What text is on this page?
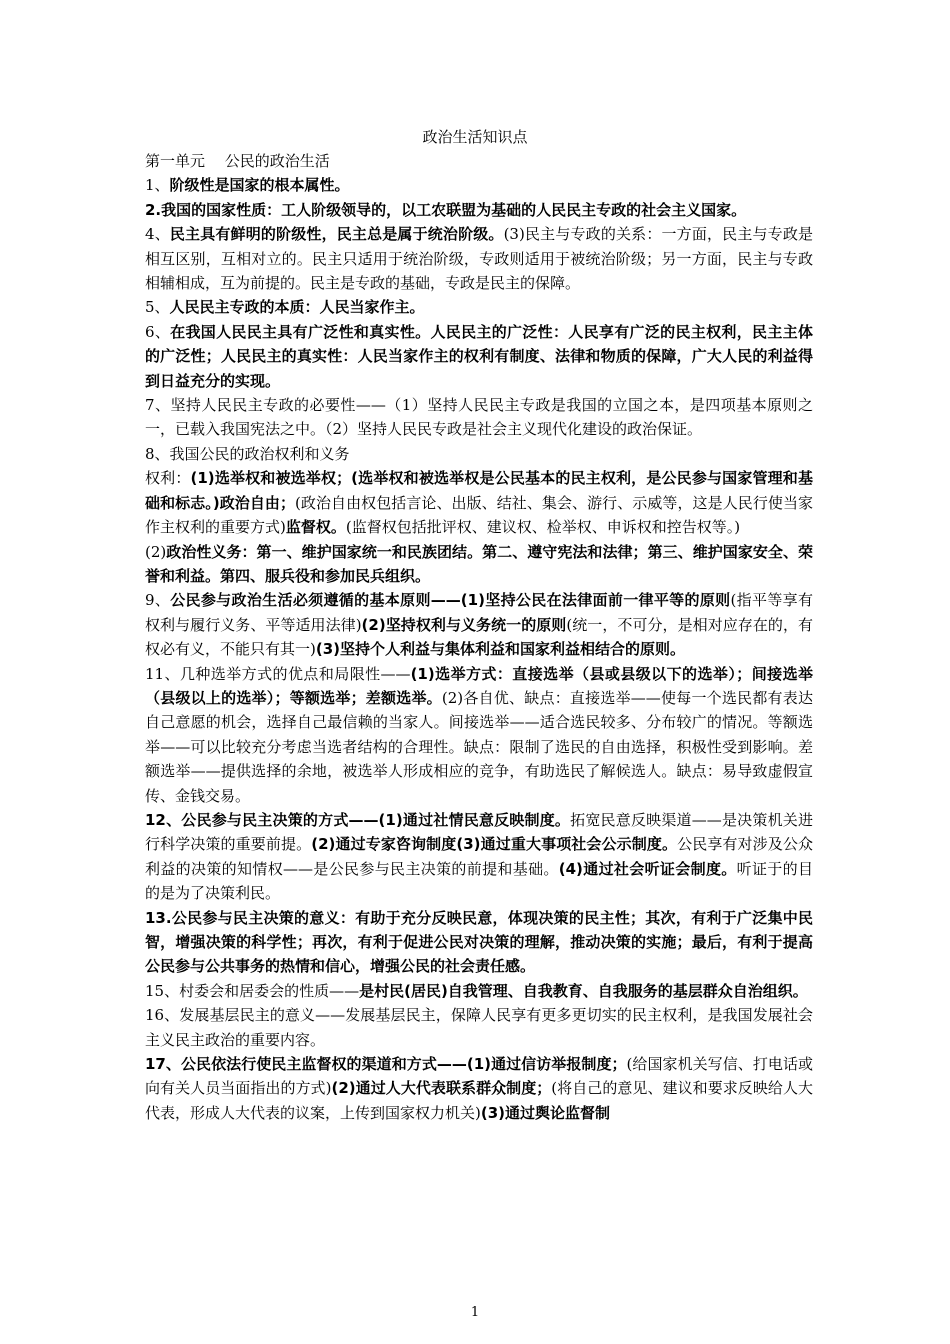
政治生活知识点

第一单元　 公民的政治生活

1、阶级性是国家的根本属性。

2.我国的国家性质：工人阶级领导的，以工农联盟为基础的人民民主专政的社会主义国家。

4、民主具有鲜明的阶级性，民主总是属于统治阶级。(3)民主与专政的关系：一方面，民主与专政是相互区别，互相对立的。民主只适用于统治阶级，专政则适用于被统治阶级；另一方面，民主与专政相辅相成，互为前提的。民主是专政的基础，专政是民主的保障。

5、人民民主专政的本质：人民当家作主。

6、在我国人民民主具有广泛性和真实性。人民民主的广泛性：人民享有广泛的民主权利，民主主体的广泛性；人民民主的真实性：人民当家作主的权利有制度、法律和物质的保障，广大人民的利益得到日益充分的实现。

7、坚持人民民主专政的必要性——（1）坚持人民民主专政是我国的立国之本，是四项基本原则之一，已载入我国宪法之中。（2）坚持人民民专政是社会主义现代化建设的政治保证。

8、我国公民的政治权利和义务

权利：(1)选举权和被选举权；(选举权和被选举权是公民基本的民主权利，是公民参与国家管理和基础和标志。)政治自由；(政治自由权包括言论、出版、结社、集会、游行、示威等，这是人民行使当家作主权利的重要方式)监督权。(监督权包括批评权、建议权、检举权、申诉权和控告权等。)

(2)政治性义务：第一、维护国家统一和民族团结。第二、遵守宪法和法律；第三、维护国家安全、荣誉和利益。第四、服兵役和参加民兵组织。

9、公民参与政治生活必须遵循的基本原则——(1)坚持公民在法律面前一律平等的原则(指平等享有权利与履行义务、平等适用法律)(2)坚持权利与义务统一的原则(统一，不可分，是相对应存在的，有权必有义，不能只有其一)(3)坚持个人利益与集体利益和国家利益相结合的原则。

11、几种选举方式的优点和局限性——(1)选举方式：直接选举（县或县级以下的选举）；间接选举（县级以上的选举）；等额选举；差额选举。(2)各自优、缺点：直接选举——使每一个选民都有表达自己意愿的机会，选择自己最信赖的当家人。间接选举——适合选民较多、分布较广的情况。等额选举——可以比较充分考虑当选者结构的合理性。缺点：限制了选民的自由选择，积极性受到影响。差额选举——提供选择的余地，被选举人形成相应的竞争，有助选民了解候选人。缺点：易导致虚假宣传、金钱交易。

12、公民参与民主决策的方式——(1)通过社情民意反映制度。拓宽民意反映渠道——是决策机关进行科学决策的重要前提。(2)通过专家咨询制度(3)通过重大事项社会公示制度。公民享有对涉及公众利益的决策的知情权——是公民参与民主决策的前提和基础。(4)通过社会听证会制度。听证于的目的是为了决策利民。

13.公民参与民主决策的意义：有助于充分反映民意，体现决策的民主性；其次，有利于广泛集中民智，增强决策的科学性；再次，有利于促进公民对决策的理解，推动决策的实施；最后，有利于提高公民参与公共事务的热情和信心，增强公民的社会责任感。

15、村委会和居委会的性质——是村民(居民)自我管理、自我教育、自我服务的基层群众自治组织。

16、发展基层民主的意义——发展基层民主，保障人民享有更多更切实的民主权利，是我国发展社会主义民主政治的重要内容。

17、公民依法行使民主监督权的渠道和方式——(1)通过信访举报制度；(给国家机关写信、打电话或向有关人员当面指出的方式)(2)通过人大代表联系群众制度；(将自己的意见、建议和要求反映给人大代表，形成人大代表的议案，上传到国家权力机关)(3)通过舆论监督制

1
